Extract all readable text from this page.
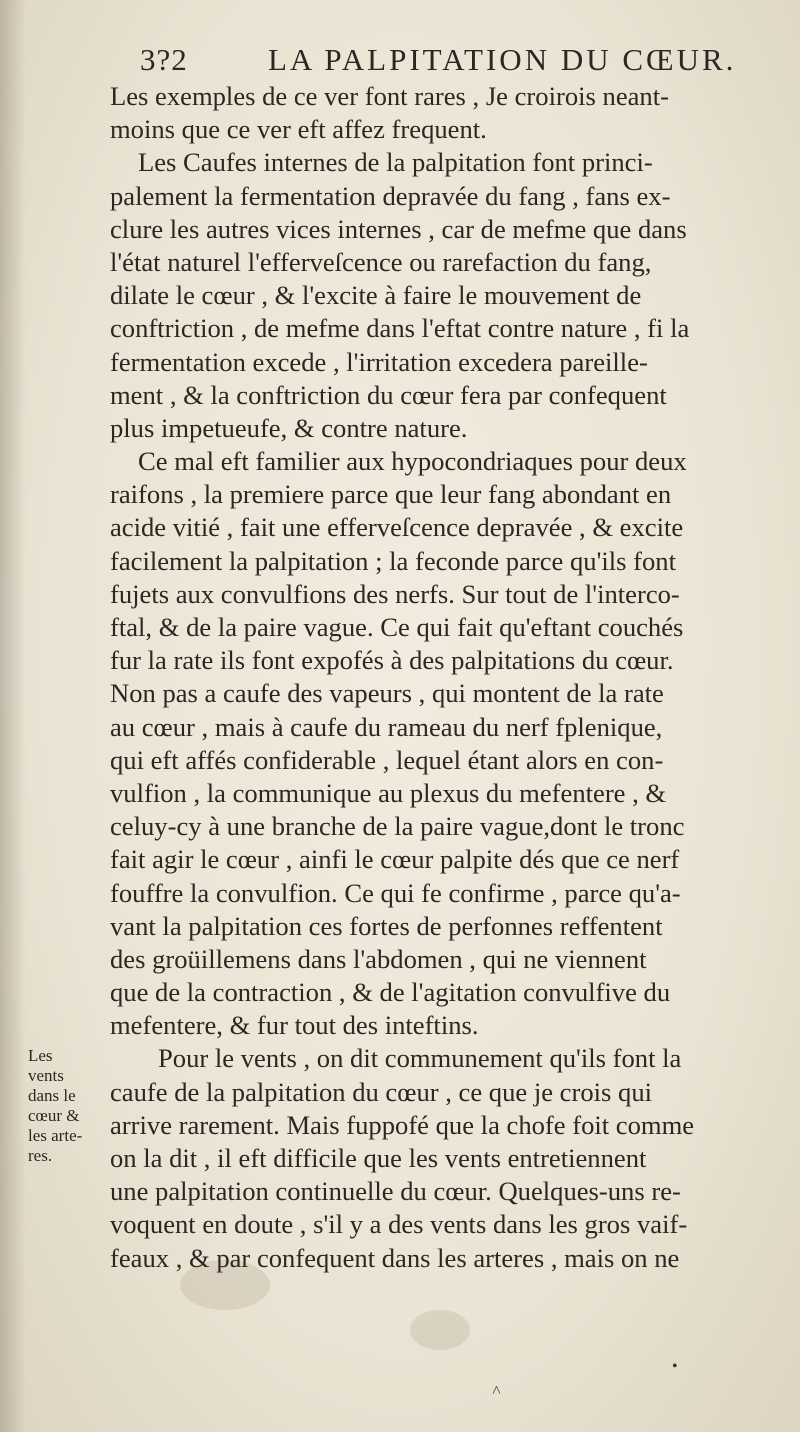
3?2	LA PALPITATION DU CŒUR.
Les exemples de ce ver font rares , Je croirois neant-
moins que ce ver eft affez frequent.
Les Caufes internes de la palpitation font princi-
palement la fermentation depravée du fang , fans ex-
clure les autres vices internes , car de mefme que dans
l'état naturel l'efferveſcence ou rarefaction du fang,
dilate le cœur , & l'excite à faire le mouvement de
conftriction , de mefme dans l'eftat contre nature , fi la
fermentation excede , l'irritation excedera pareille-
ment , & la conftriction du cœur fera par confequent
plus impetueufe, & contre nature.
Ce mal eft familier aux hypocondriaques pour deux
raifons , la premiere parce que leur fang abondant en
acide vitié , fait une efferveſcence depravée , & excite
facilement la palpitation ; la feconde parce qu'ils font
fujets aux convulfions des nerfs. Sur tout de l'interco-
ftal, & de la paire vague. Ce qui fait qu'eftant couchés
fur la rate ils font expofés à des palpitations du cœur.
Non pas a caufe des vapeurs , qui montent de la rate
au cœur , mais à caufe du rameau du nerf fplenique,
qui eft affés confiderable , lequel étant alors en con-
vulfion , la communique au plexus du mefentere , &
celuy-cy à une branche de la paire vague,dont le tronc
fait agir le cœur , ainfi le cœur palpite dés que ce nerf
fouffre la convulfion. Ce qui fe confirme , parce qu'a-
vant la palpitation ces fortes de perfonnes reffentent
des groüillemens dans l'abdomen , qui ne viennent
que de la contraction , & de l'agitation convulfive du
mefentere, & fur tout des inteftins.
Pour le vents , on dit communement qu'ils font la
caufe de la palpitation du cœur , ce que je crois qui
arrive rarement. Mais fuppofé que la chofe foit comme
on la dit , il eft difficile que les vents entretiennent
une palpitation continuelle du cœur. Quelques-uns re-
voquent en doute , s'il y a des vents dans les gros vaif-
feaux , & par confequent dans les arteres , mais on ne
Les
vents
dans le
cœur &
les arte-
res.
˄
•
